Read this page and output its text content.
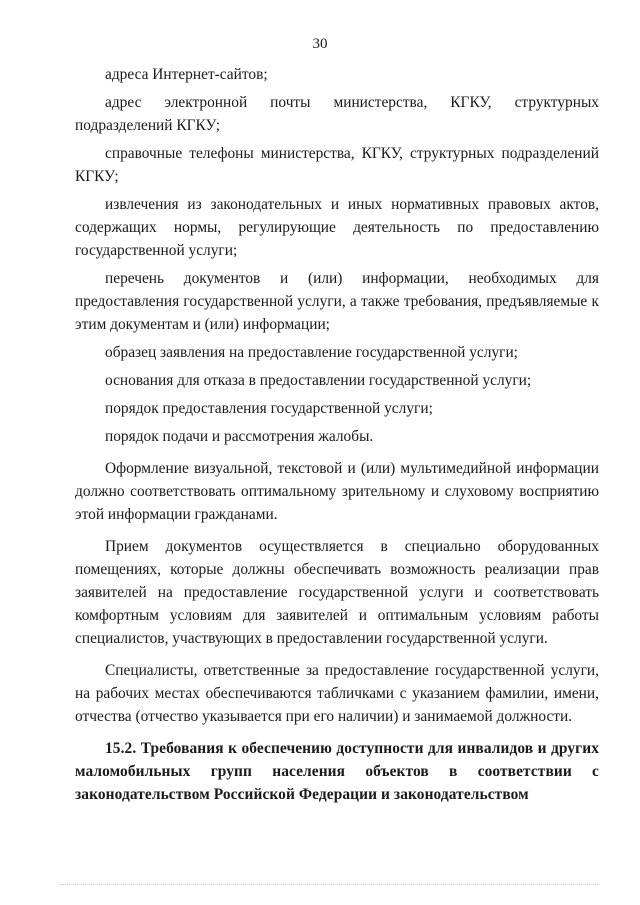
30

адреса Интернет-сайтов;

адрес электронной почты министерства, КГКУ, структурных подразделений КГКУ;

справочные телефоны министерства, КГКУ, структурных подразделений КГКУ;

извлечения из законодательных и иных нормативных правовых актов, содержащих нормы, регулирующие деятельность по предоставлению государственной услуги;

перечень документов и (или) информации, необходимых для предоставления государственной услуги, а также требования, предъявляемые к этим документам и (или) информации;

образец заявления на предоставление государственной услуги;

основания для отказа в предоставлении государственной услуги;

порядок предоставления государственной услуги;

порядок подачи и рассмотрения жалобы.

Оформление визуальной, текстовой и (или) мультимедийной информации должно соответствовать оптимальному зрительному и слуховому восприятию этой информации гражданами.

Прием документов осуществляется в специально оборудованных помещениях, которые должны обеспечивать возможность реализации прав заявителей на предоставление государственной услуги и соответствовать комфортным условиям для заявителей и оптимальным условиям работы специалистов, участвующих в предоставлении государственной услуги.

Специалисты, ответственные за предоставление государственной услуги, на рабочих местах обеспечиваются табличками с указанием фамилии, имени, отчества (отчество указывается при его наличии) и занимаемой должности.

15.2. Требования к обеспечению доступности для инвалидов и других маломобильных групп населения объектов в соответствии с законодательством Российской Федерации и законодательством
